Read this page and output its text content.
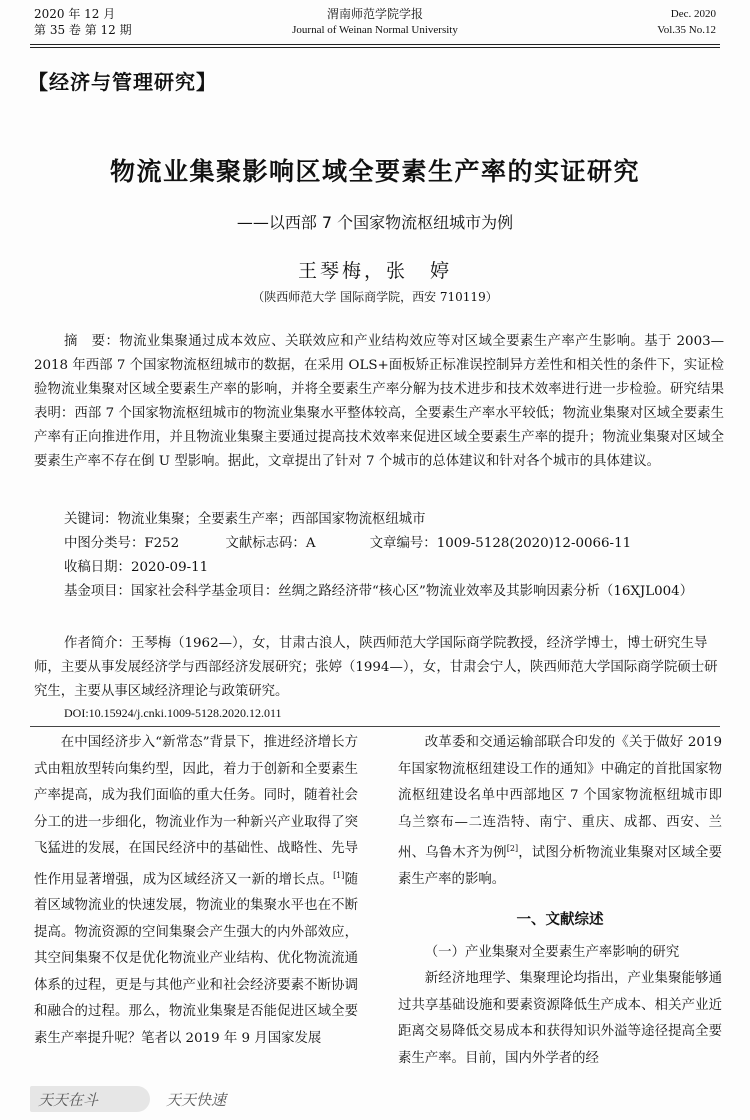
2020 年 12 月
第 35 卷 第 12 期
渭南师范学院学报
Journal of Weinan Normal University
Dec. 2020
Vol.35 No.12
【经济与管理研究】
物流业集聚影响区域全要素生产率的实证研究
——以西部 7 个国家物流枢纽城市为例
王琴梅，张　婷
（陕西师范大学 国际商学院，西安 710119）
摘　要：物流业集聚通过成本效应、关联效应和产业结构效应等对区域全要素生产率产生影响。基于 2003—2018 年西部 7 个国家物流枢纽城市的数据，在采用 OLS+面板矫正标准误控制异方差性和相关性的条件下，实证检验物流业集聚对区域全要素生产率的影响，并将全要素生产率分解为技术进步和技术效率进行进一步检验。研究结果表明：西部 7 个国家物流枢纽城市的物流业集聚水平整体较高，全要素生产率水平较低；物流业集聚对区域全要素生产率有正向推进作用，并且物流业集聚主要通过提高技术效率来促进区域全要素生产率的提升；物流业集聚对区域全要素生产率不存在倒 U 型影响。据此，文章提出了针对 7 个城市的总体建议和针对各个城市的具体建议。
关键词：物流业集聚；全要素生产率；西部国家物流枢纽城市
中图分类号：F252	文献标志码：A	文章编号：1009-5128(2020)12-0066-11
收稿日期：2020-09-11
基金项目：国家社会科学基金项目：丝绸之路经济带“核心区”物流业效率及其影响因素分析（16XJL004）
作者简介：王琴梅（1962—），女，甘肃古浪人，陕西师范大学国际商学院教授，经济学博士，博士研究生导师，主要从事发展经济学与西部经济发展研究；张婷（1994—），女，甘肃会宁人，陕西师范大学国际商学院硕士研究生，主要从事区域经济理论与政策研究。
DOI:10.15924/j.cnki.1009-5128.2020.12.011

在中国经济步入“新常态”背景下，推进经济增长方式由粗放型转向集约型，因此，着力于创新和全要素生产率提高，成为我们面临的重大任务。同时，随着社会分工的进一步细化，物流业作为一种新兴产业取得了突飞猛进的发展，在国民经济中的基础性、战略性、先导性作用显著增强，成为区域经济又一新的增长点。[1]随着区域物流业的快速发展，物流业的集聚水平也在不断提高。物流资源的空间集聚会产生强大的内外部效应，其空间集聚不仅是优化物流业产业结构、优化物流流通体系的过程，更是与其他产业和社会经济要素不断协调和融合的过程。那么，物流业集聚是否能促进区域全要素生产率提升呢？笔者以 2019 年 9 月国家发展

改革委和交通运输部联合印发的《关于做好 2019 年国家物流枢纽建设工作的通知》中确定的首批国家物流枢纽建设名单中西部地区 7 个国家物流枢纽城市即乌兰察布—二连浩特、南宁、重庆、成都、西安、兰州、乌鲁木齐为例[2]，试图分析物流业集聚对区域全要素生产率的影响。

一、文献综述
（一）产业集聚对全要素生产率影响的研究

新经济地理学、集聚理论均指出，产业集聚能够通过共享基础设施和要素资源降低生产成本、相关产业近距离交易降低交易成本和获得知识外溢等途径提高全要素生产率。目前，国内外学者的经

天天在斗	天天快速
